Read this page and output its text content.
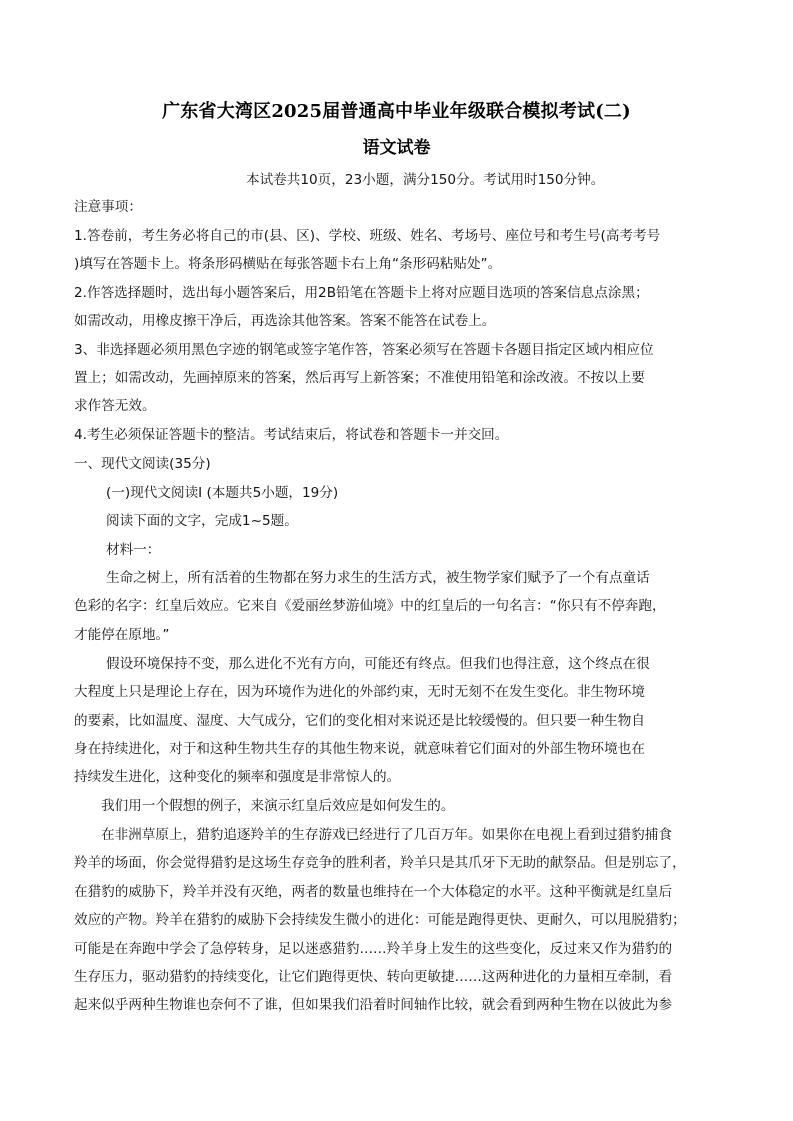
广东省大湾区2025届普通高中毕业年级联合模拟考试(二)
语文试卷
本试卷共10页，23小题，满分150分。考试用时150分钟。
注意事项：
1.答卷前，考生务必将自己的市(县、区)、学校、班级、姓名、考场号、座位号和考生号(高考考号
)填写在答题卡上。将条形码横贴在每张答题卡右上角“条形码粘贴处”。
2.作答选择题时，选出每小题答案后，用2B铅笔在答题卡上将对应题目选项的答案信息点涂黑；
如需改动，用橡皮擦干净后，再选涂其他答案。答案不能答在试卷上。
3、非选择题必须用黑色字迹的钢笔或签字笔作答，答案必须写在答题卡各题目指定区域内相应位
置上；如需改动，先画掉原来的答案，然后再写上新答案；不准使用铅笔和涂改液。不按以上要
求作答无效。
4.考生必须保证答题卡的整洁。考试结束后，将试卷和答题卡一并交回。
一、现代文阅读(35分)
(一)现代文阅读Ⅰ (本题共5小题，19分)
阅读下面的文字，完成1~5题。
材料一：
生命之树上，所有活着的生物都在努力求生的生活方式，被生物学家们赋予了一个有点童话
色彩的名字：红皇后效应。它来自《爱丽丝梦游仙境》中的红皇后的一句名言：“你只有不停奔跑，
才能停在原地。”
假设环境保持不变，那么进化不光有方向，可能还有终点。但我们也得注意，这个终点在很
大程度上只是理论上存在，因为环境作为进化的外部约束，无时无刻不在发生变化。非生物环境
的要素，比如温度、湿度、大气成分，它们的变化相对来说还是比较缓慢的。但只要一种生物自
身在持续进化，对于和这种生物共生存的其他生物来说，就意味着它们面对的外部生物环境也在
持续发生进化，这种变化的频率和强度是非常惊人的。
我们用一个假想的例子，来演示红皇后效应是如何发生的。
在非洲草原上，猎豹追逐羚羊的生存游戏已经进行了几百万年。如果你在电视上看到过猎豹捕食
羚羊的场面，你会觉得猎豹是这场生存竞争的胜利者，羚羊只是其爪牙下无助的献祭品。但是别忘了，
在猎豹的威胁下，羚羊并没有灭绝，两者的数量也维持在一个大体稳定的水平。这种平衡就是红皇后
效应的产物。羚羊在猎豹的威胁下会持续发生微小的进化：可能是跑得更快、更耐久，可以甩脱猎豹；
可能是在奔跑中学会了急停转身，足以迷惑猎豹……羚羊身上发生的这些变化，反过来又作为猎豹的
生存压力，驱动猎豹的持续变化，让它们跑得更快、转向更敏捷……这两种进化的力量相互牵制，看
起来似乎两种生物谁也奈何不了谁，但如果我们沿着时间轴作比较，就会看到两种生物在以彼此为参
